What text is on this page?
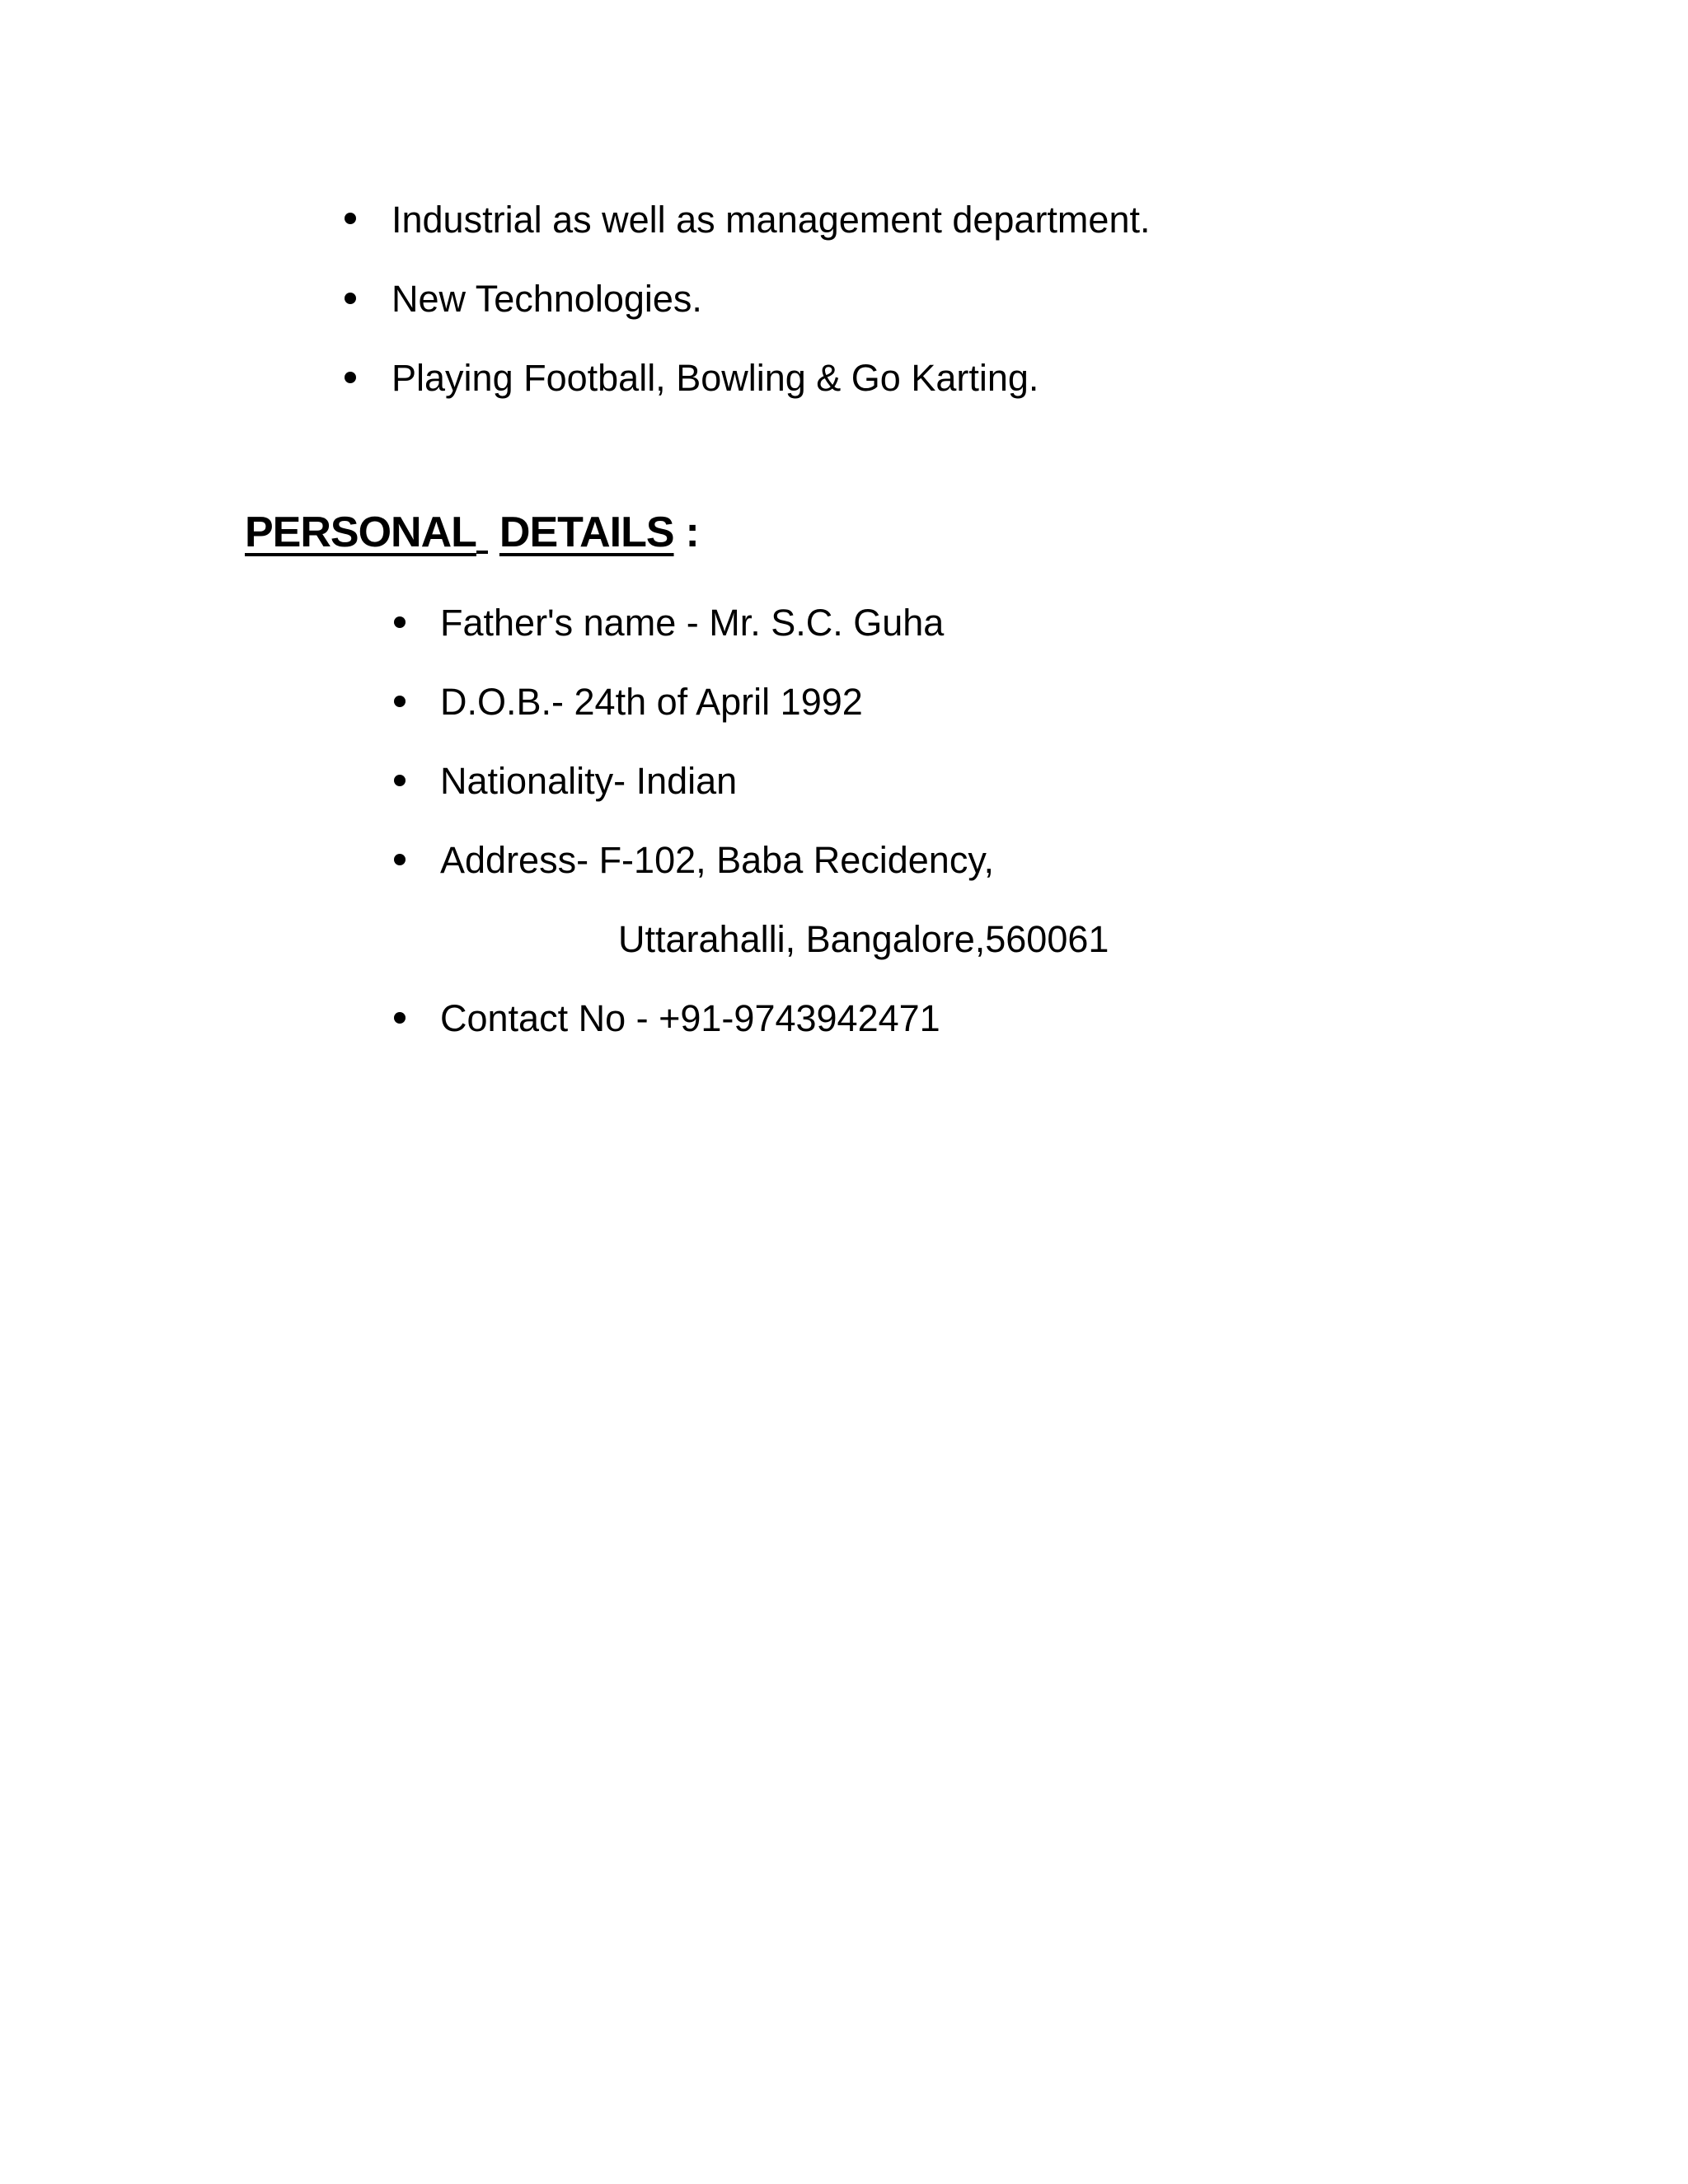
Industrial as well as management department.
New Technologies.
Playing Football, Bowling & Go Karting.
PERSONAL DETAILS :
Father's name - Mr. S.C. Guha
D.O.B.- 24th of April 1992
Nationality- Indian
Address- F-102, Baba Recidency,
Uttarahalli, Bangalore,560061
Contact No - +91-9743942471
